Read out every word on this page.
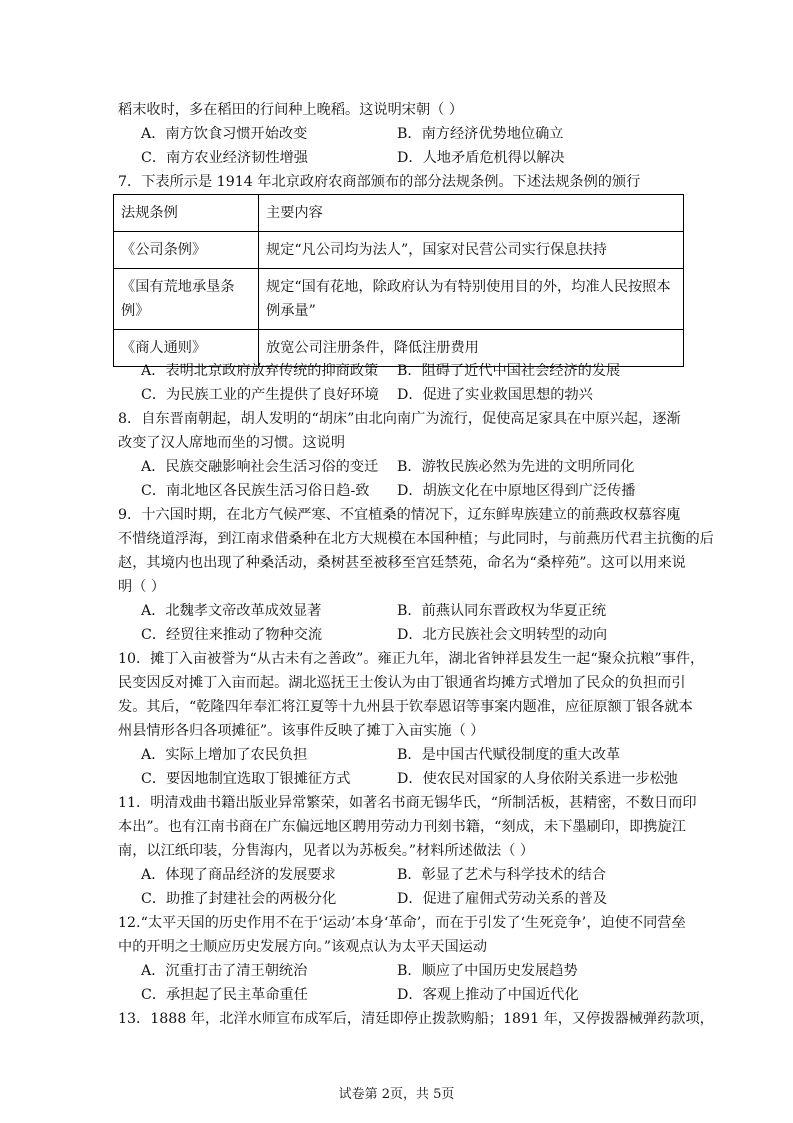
稻末收时，多在稻田的行间种上晚稻。这说明宋朝（ ）
A．南方饮食习惯开始改变	B．南方经济优势地位确立
C．南方农业经济韧性增强	D．人地矛盾危机得以解决
7．下表所示是 1914 年北京政府农商部颁布的部分法规条例。下述法规条例的颁行
法规条例	主要内容
《公司条例》	规定“凡公司均为法人”，国家对民营公司实行保息扶持
《国有荒地承垦条例》	规定“国有花地，除政府认为有特别使用目的外，均准人民按照本例承量”
《商人通则》	放宽公司注册条件，降低注册费用
A．表明北京政府放弃传统的抑商政策 B．阻碍了近代中国社会经济的发展
C．为民族工业的产生提供了良好环境 D．促进了实业救国思想的勃兴
8．自东晋南朝起，胡人发明的“胡床”由北向南广为流行，促使高足家具在中原兴起，逐渐
改变了汉人席地而坐的习惯。这说明
A．民族交融影响社会生活习俗的变迁 B．游牧民族必然为先进的文明所同化
C．南北地区各民族生活习俗日趋-致 D．胡族文化在中原地区得到广泛传播
9．十六国时期，在北方气候严寒、不宜植桑的情况下，辽东鲜卑族建立的前燕政权慕容廆
不惜绕道浮海，到江南求借桑种在北方大规模在本国种植；与此同时，与前燕历代君主抗衡的后
赵，其境内也出现了种桑活动，桑树甚至被移至宫廷禁苑，命名为“桑梓苑”。这可以用来说
明（ ）
A．北魏孝文帝改革成效显著	B．前燕认同东晋政权为华夏正统
C．经贸往来推动了物种交流	D．北方民族社会文明转型的动向
10．摊丁入亩被誉为“从古未有之善政”。雍正九年，湖北省钟祥县发生一起“聚众抗粮”事件，
民变因反对摊丁入亩而起。湖北巡抚王士俊认为由丁银通省均摊方式增加了民众的负担而引
发。其后，“乾隆四年奉汇将江夏等十九州县于钦奉恩诏等事案内题准，应征原额丁银各就本
州县情形各归各项摊征”。该事件反映了摊丁入亩实施（ ）
A．实际上增加了农民负担	B．是中国古代赋役制度的重大改革
C．要因地制宜选取丁银摊征方式	D．使农民对国家的人身依附关系进一步松弛
11．明清戏曲书籍出版业异常繁荣，如著名书商无锡华氏，“所制活板，甚精密，不数日而印
本出”。也有江南书商在广东偏远地区聘用劳动力刊刻书籍，“刻成，未下墨刷印，即携旋江
南，以江纸印装，分售海内，见者以为苏板矣。”材料所述做法（ ）
A．体现了商品经济的发展要求	B．彰显了艺术与科学技术的结合
C．助推了封建社会的两极分化	D．促进了雇佣式劳动关系的普及
12.“太平天国的历史作用不在于‘运动’本身‘革命’，而在于引发了‘生死竞争’，迫使不同营垒
中的开明之士顺应历史发展方向。”该观点认为太平天国运动
A．沉重打击了清王朝统治	B．顺应了中国历史发展趋势
C．承担起了民主革命重任	D．客观上推动了中国近代化
13．1888 年，北洋水师宣布成军后，清廷即停止拨款购船；1891 年，又停拨器械弹药款项，
试卷第 2页，共 5页
